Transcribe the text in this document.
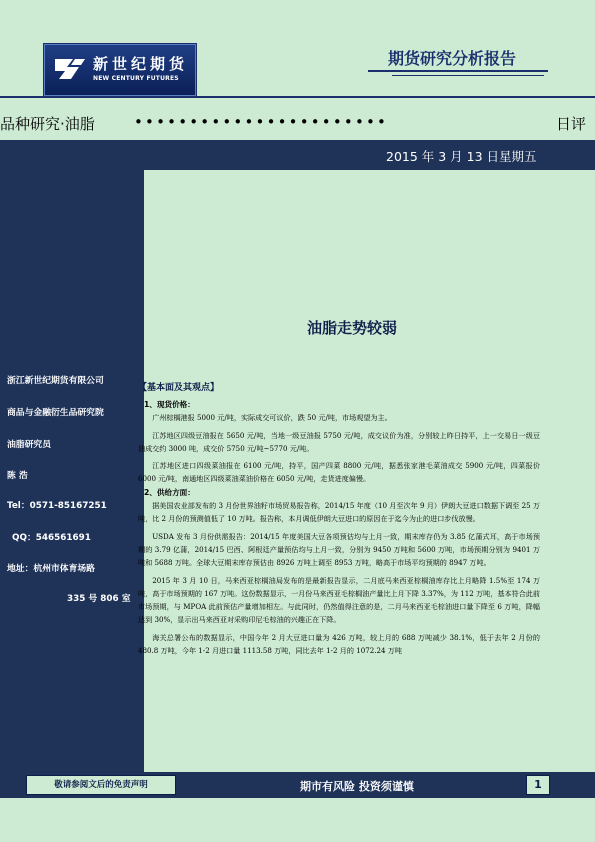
新世纪期货
NEW CENTURY FUTURES
期货研究分析报告
品种研究·油脂	•••••••••••••••••••••••	日评
2015 年 3 月 13 日星期五
浙江新世纪期货有限公司
商品与金融衍生品研究院
油脂研究员
陈 浩
Tel：0571-85167251
QQ：546561691
地址：杭州市体育场路
335 号 806 室
油脂走势较弱
【基本面及其观点】
1、现货价格：

广州棕榈港报 5000 元/吨，实际成交可议价，跌 50 元/吨，市场观望为主。

江苏地区四级豆油报在 5650 元/吨，当地一级豆油报 5750 元/吨，成交议价为准，分别较上昨日持平，上一交易日一级豆油成交约 3000 吨，成交价 5750 元/吨~5770 元/吨。

江苏地区进口四级菜油报在 6100 元/吨，持平，国产四菜 8800 元/吨，据悉张家港毛菜油成交 5900 元/吨，四菜报价 6000 元/吨，南通地区四级菜油菜油价格在 6050 元/吨，走货进度偏慢。

2、供给方面：

据美国农业部发布的 3 月份世界油籽市场贸易报告称，2014/15 年度（10 月至次年 9 月）伊朗大豆进口数据下调至 25 万吨，比 2 月份的预测值低了 10 万吨。报告称，本月调低伊朗大豆进口的原因在于迄今为止的进口步伐放慢。

USDA 发布 3 月份供需报告：2014/15 年度美国大豆各项预估均与上月一致，期末库存仍为 3.85 亿蒲式耳，高于市场预期的 3.79 亿蒲，2014/15 巴西、阿根廷产量预估均与上月一致，分别为 9450 万吨和 5600 万吨，市场预期分别为 9401 万吨和 5688 万吨。全球大豆期末库存预估由 8926 万吨上调至 8953 万吨，略高于市场平均预期的 8947 万吨。

2015 年 3 月 10 日，马来西亚棕榈油局发布的是最新报告显示，二月底马来西亚棕榈油库存比上月略降 1.5%至 174 万吨，高于市场预期的 167 万吨。这份数据显示，一月份马来西亚毛棕榈油产量比上月下降 3.37%，为 112 万吨，基本符合此前市场预期，与 MPOA 此前预估产量增加相左。与此同时，仍然值得注意的是，二月马来西亚毛棕油进口量下降至 6 万吨，降幅达到 30%，显示出马来西亚对采购印尼毛棕油的兴趣正在下降。

海关总署公布的数据显示，中国今年 2 月大豆进口量为 426 万吨，较上月的 688 万吨减少 38.1%，低于去年 2 月份的 480.8 万吨，今年 1-2 月进口量 1113.58 万吨，同比去年 1-2 月的 1072.24 万吨

敬请参阅文后的免责声明	期市有风险 投资须谨慎	1
